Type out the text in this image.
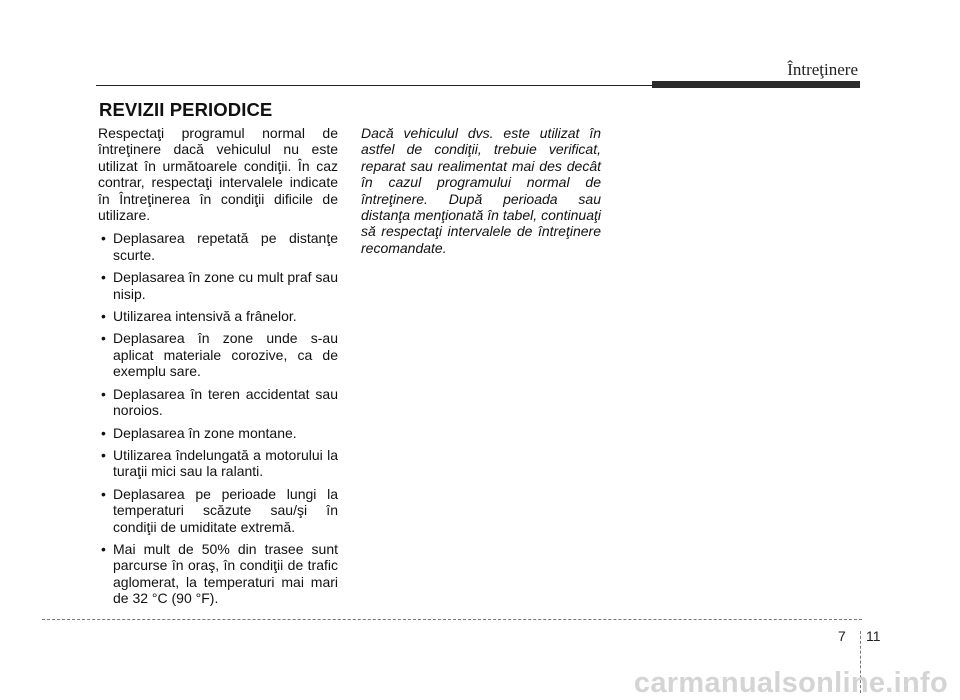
Întreţinere
REVIZII PERIODICE

Respectaţi programul normal de întreţinere dacă vehiculul nu este utilizat în următoarele condiţii. În caz contrar, respectaţi intervalele indicate în Întreţinerea în condiţii dificile de utilizare.

• Deplasarea repetată pe distanţe scurte.
• Deplasarea în zone cu mult praf sau nisip.
• Utilizarea intensivă a frânelor.
• Deplasarea în zone unde s-au aplicat materiale corozive, ca de exemplu sare.
• Deplasarea în teren accidentat sau noroios.
• Deplasarea în zone montane.
• Utilizarea îndelungată a motorului la turaţii mici sau la ralanti.
• Deplasarea pe perioade lungi la temperaturi scăzute sau/şi în condiţii de umiditate extremă.
• Mai mult de 50% din trasee sunt parcurse în oraş, în condiţii de trafic aglomerat, la temperaturi mai mari de 32 °C (90 °F).

Dacă vehiculul dvs. este utilizat în astfel de condiţii, trebuie verificat, reparat sau realimentat mai des decât în cazul programului normal de întreţinere. După perioada sau distanţa menţionată în tabel, continuaţi să respectaţi intervalele de întreţinere recomandate.

7 11
carmanualsonline.info
